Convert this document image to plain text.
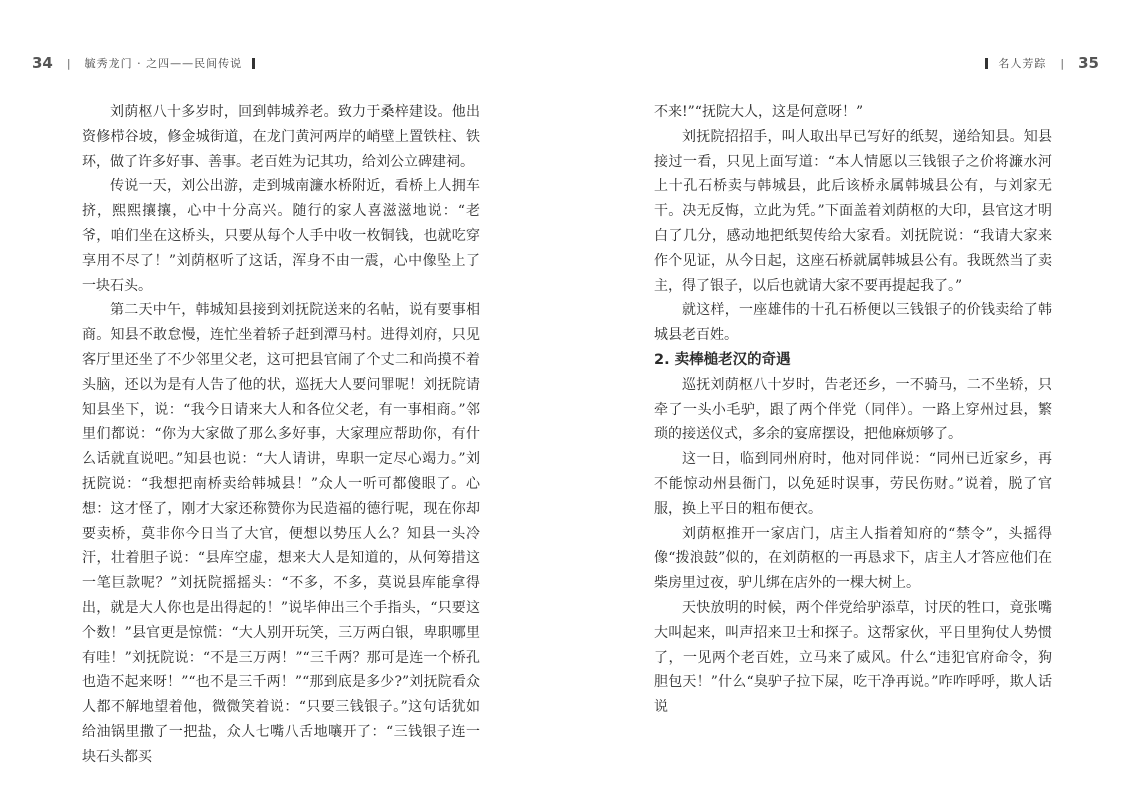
34 | 毓秀龙门 · 之四——民间传说	名人芳踪 | 35

刘荫枢八十多岁时，回到韩城养老。致力于桑梓建设。他出资修栉谷坡，修金城街道，在龙门黄河两岸的峭壁上置铁柱、铁环，做了许多好事、善事。老百姓为记其功，给刘公立碑建祠。

传说一天，刘公出游，走到城南濂水桥附近，看桥上人拥车挤，熙熙攘攘，心中十分高兴。随行的家人喜滋滋地说：“老爷，咱们坐在这桥头，只要从每个人手中收一枚铜钱，也就吃穿享用不尽了！”刘荫枢听了这话，浑身不由一震，心中像坠上了一块石头。

第二天中午，韩城知县接到刘抚院送来的名帖，说有要事相商。知县不敢怠慢，连忙坐着轿子赶到潭马村。进得刘府，只见客厅里还坐了不少邻里父老，这可把县官闹了个丈二和尚摸不着头脑，还以为是有人告了他的状，巡抚大人要问罪呢！刘抚院请知县坐下，说：“我今日请来大人和各位父老，有一事相商。”邻里们都说：“你为大家做了那么多好事，大家理应帮助你，有什么话就直说吧。”知县也说：“大人请讲，卑职一定尽心竭力。”刘抚院说：“我想把南桥卖给韩城县！”众人一听可都傻眼了。心想：这才怪了，刚才大家还称赞你为民造福的德行呢，现在你却要卖桥，莫非你今日当了大官，便想以势压人么？知县一头冷汗，壮着胆子说：“县库空虚，想来大人是知道的，从何筹措这一笔巨款呢？”刘抚院摇摇头：“不多，不多，莫说县库能拿得出，就是大人你也是出得起的！”说毕伸出三个手指头，“只要这个数！”县官更是惊慌：“大人别开玩笑，三万两白银，卑职哪里有哇！”刘抚院说：“不是三万两！”“三千两？那可是连一个桥孔也造不起来呀！”“也不是三千两！”“那到底是多少?”刘抚院看众人都不解地望着他，微微笑着说：“只要三钱银子。”这句话犹如给油锅里撒了一把盐，众人七嘴八舌地嚷开了：“三钱银子连一块石头都买

不来!”“抚院大人，这是何意呀！”

刘抚院招招手，叫人取出早已写好的纸契，递给知县。知县接过一看，只见上面写道：“本人情愿以三钱银子之价将濂水河上十孔石桥卖与韩城县，此后该桥永属韩城县公有，与刘家无干。决无反悔，立此为凭。”下面盖着刘荫枢的大印，县官这才明白了几分，感动地把纸契传给大家看。刘抚院说：“我请大家来作个见证，从今日起，这座石桥就属韩城县公有。我既然当了卖主，得了银子，以后也就请大家不要再提起我了。”

就这样，一座雄伟的十孔石桥便以三钱银子的价钱卖给了韩城县老百姓。

2. 卖棒槌老汉的奇遇

巡抚刘荫枢八十岁时，告老还乡，一不骑马，二不坐轿，只牵了一头小毛驴，跟了两个伴党（同伴）。一路上穿州过县，繁琐的接送仪式，多余的宴席摆设，把他麻烦够了。

这一日，临到同州府时，他对同伴说：“同州已近家乡，再不能惊动州县衙门，以免延时误事，劳民伤财。”说着，脱了官服，换上平日的粗布便衣。

刘荫枢推开一家店门，店主人指着知府的“禁令”，头摇得像“拨浪鼓”似的，在刘荫枢的一再恳求下，店主人才答应他们在柴房里过夜，驴儿绑在店外的一棵大树上。

天快放明的时候，两个伴党给驴添草，讨厌的牲口，竟张嘴大叫起来，叫声招来卫士和探子。这帮家伙，平日里狗仗人势惯了，一见两个老百姓，立马来了威风。什么“违犯官府命令，狗胆包天！”什么“臭驴子拉下屎，吃干净再说。”咋咋呼呼，欺人话说
